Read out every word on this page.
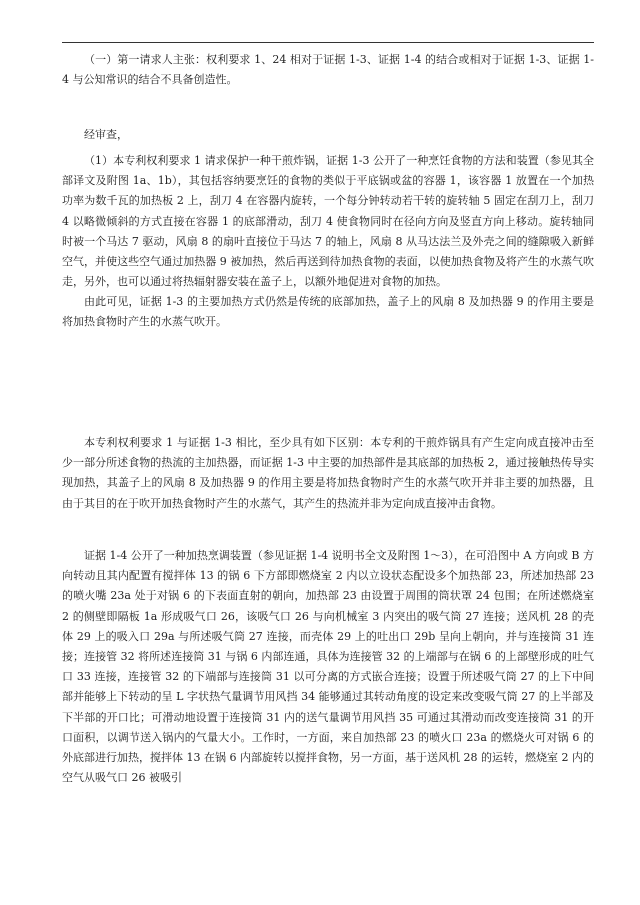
（一）第一请求人主张：权利要求 1、24 相对于证据 1-3、证据 1-4 的结合或相对于证据 1-3、证据 1-4 与公知常识的结合不具备创造性。
经审查，
（1）本专利权利要求 1 请求保护一种干煎炸锅，证据 1-3 公开了一种烹饪食物的方法和装置（参见其全部译文及附图 1a、1b），其包括容纳要烹饪的食物的类似于平底锅或盆的容器 1，该容器 1 放置在一个加热功率为数千瓦的加热板 2 上，刮刀 4 在容器内旋转，一个每分钟转动若干转的旋转轴 5 固定在刮刀上，刮刀 4 以略微倾斜的方式直接在容器 1 的底部滑动，刮刀 4 使食物同时在径向方向及竖直方向上移动。旋转轴同时被一个马达 7 驱动，风扇 8 的扇叶直接位于马达 7 的轴上，风扇 8 从马达法兰及外壳之间的缝隙吸入新鲜空气，并使这些空气通过加热器 9 被加热，然后再送到待加热食物的表面，以使加热食物及将产生的水蒸气吹走，另外，也可以通过将热辐射器安装在盖子上，以额外地促进对食物的加热。
由此可见，证据 1-3 的主要加热方式仍然是传统的底部加热，盖子上的风扇 8 及加热器 9 的作用主要是将加热食物时产生的水蒸气吹开。
本专利权利要求 1 与证据 1-3 相比，至少具有如下区别：本专利的干煎炸锅具有产生定向成直接冲击至少一部分所述食物的热流的主加热器，而证据 1-3 中主要的加热部件是其底部的加热板 2，通过接触热传导实现加热，其盖子上的风扇 8 及加热器 9 的作用主要是将加热食物时产生的水蒸气吹开并非主要的加热器，且由于其目的在于吹开加热食物时产生的水蒸气，其产生的热流并非为定向成直接冲击食物。
证据 1-4 公开了一种加热烹调装置（参见证据 1-4 说明书全文及附图 1～3），在可沿图中 A 方向或 B 方向转动且其内配置有搅拌体 13 的锅 6 下方部即燃烧室 2 内以立设状态配设多个加热部 23，所述加热部 23 的喷火嘴 23a 处于对锅 6 的下表面直射的朝向，加热部 23 由设置于周围的筒状罩 24 包围；在所述燃烧室 2 的侧壁即隔板 1a 形成吸气口 26，该吸气口 26 与向机械室 3 内突出的吸气筒 27 连接；送风机 28 的壳体 29 上的吸入口 29a 与所述吸气筒 27 连接，而壳体 29 上的吐出口 29b 呈向上朝向，并与连接筒 31 连接；连接管 32 将所述连接筒 31 与锅 6 内部连通，具体为连接管 32 的上端部与在锅 6 的上部壁形成的吐气口 33 连接，连接管 32 的下端部与连接筒 31 以可分离的方式嵌合连接；设置于所述吸气筒 27 的上下中间部并能够上下转动的呈 L 字状热气量调节用风挡 34 能够通过其转动角度的设定来改变吸气筒 27 的上半部及下半部的开口比；可滑动地设置于连接筒 31 内的送气量调节用风挡 35 可通过其滑动而改变连接筒 31 的开口面积，以调节送入锅内的气量大小。工作时，一方面，来自加热部 23 的喷火口 23a 的燃烧火可对锅 6 的外底部进行加热，搅拌体 13 在锅 6 内部旋转以搅拌食物，另一方面，基于送风机 28 的运转，燃烧室 2 内的空气从吸气口 26 被吸引
